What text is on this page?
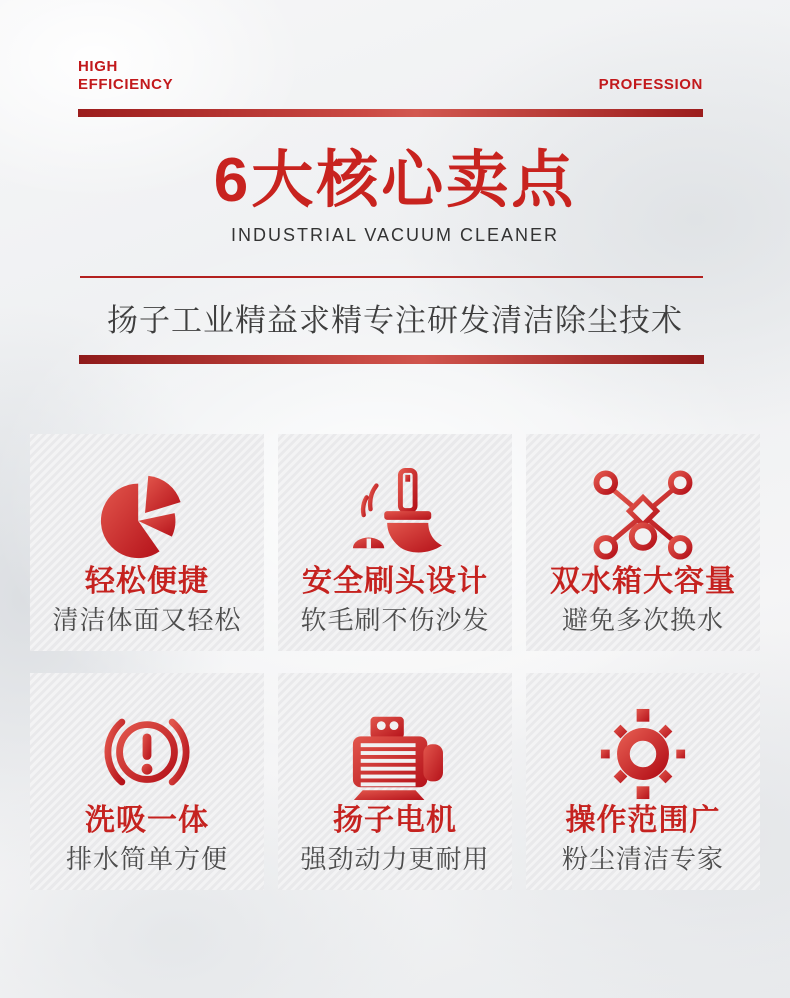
HIGH
EFFICIENCY	PROFESSION
6大核心卖点
INDUSTRIAL VACUUM CLEANER
扬子工业精益求精专注研发清洁除尘技术
轻松便捷

清洁体面又轻松

安全刷头设计

软毛刷不伤沙发

双水箱大容量

避免多次换水

洗吸一体

排水简单方便

扬子电机

强劲动力更耐用

操作范围广

粉尘清洁专家
